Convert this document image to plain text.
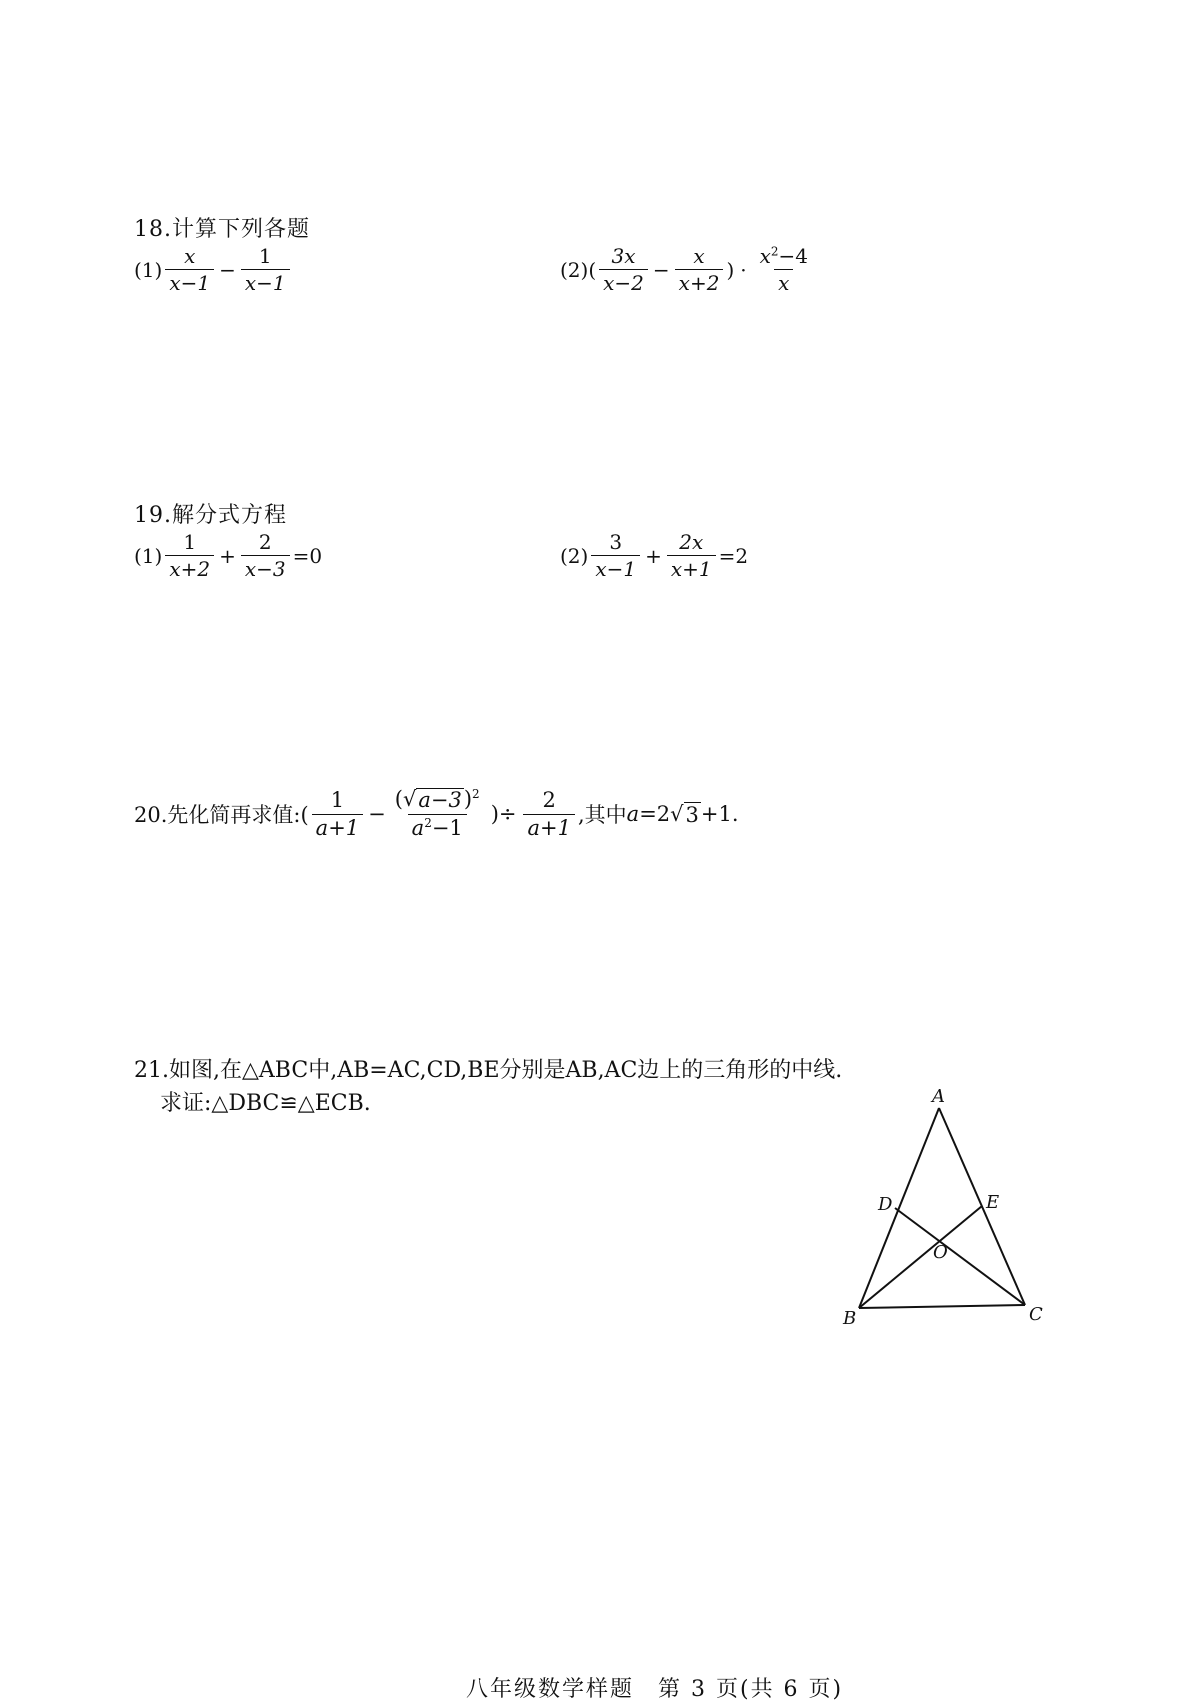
18.计算下列各题
$(1) \frac{x}{x-1} - \frac{1}{x-1}$	$(2)( \frac{3x}{x-2} - \frac{x}{x+2}$ ) · $\frac{x^2-4}{x}$
19.解分式方程
$(1) \frac{1}{x+2} + \frac{2}{x-3} =0$	$(2) \frac{3}{x-1} + \frac{2x}{x+1} =2$
20.先化简再求值:( $\frac{1}{a+1} - \frac{( √ a-3 )^2}{a^2-1}$ )÷ $\frac{2}{a+1}$ ,其中 a =2 √ 3 +1.
21.如图,在△ABC中,AB=AC,CD,BE分别是AB,AC边上的三角形的中线.
求证:△DBC≌△ECB.	A
B	C
D	E
O
八年级数学样题　第 3 页(共 6 页)
